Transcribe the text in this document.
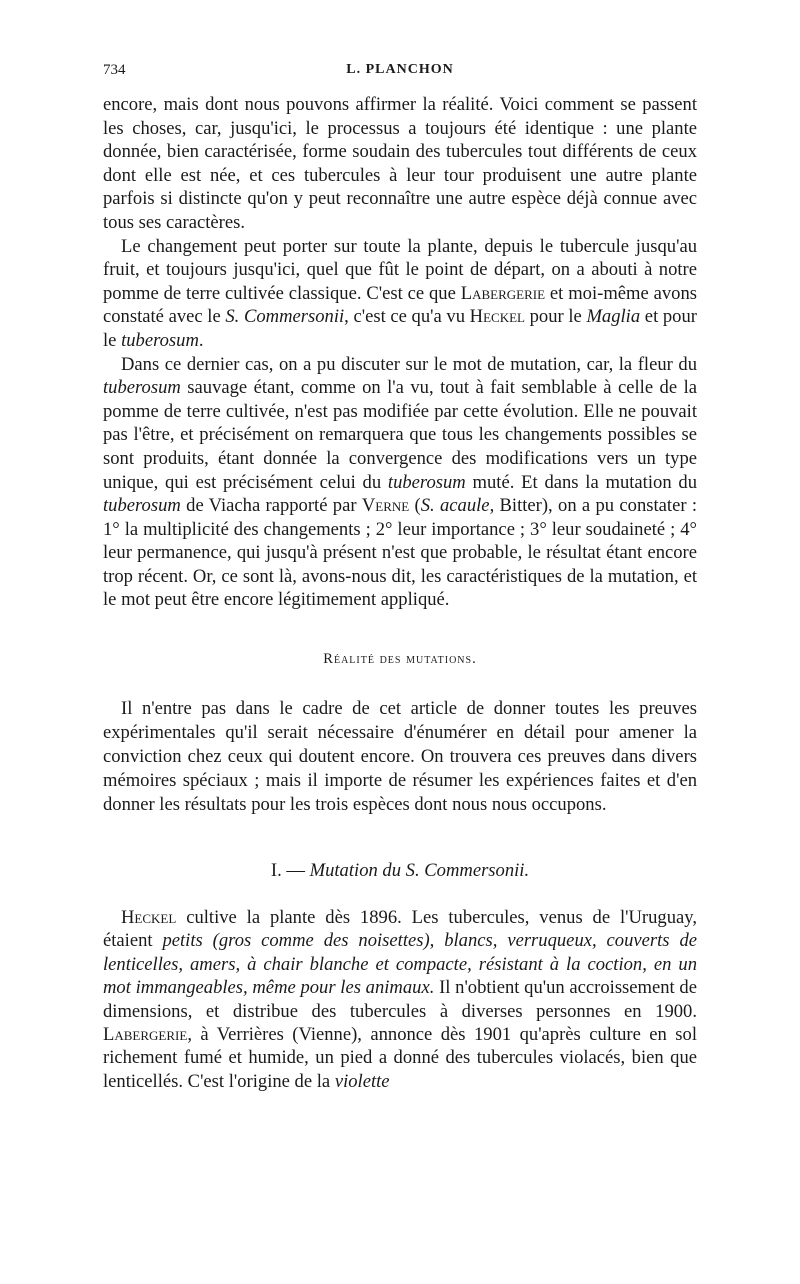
734	L. PLANCHON

encore, mais dont nous pouvons affirmer la réalité. Voici comment se passent les choses, car, jusqu'ici, le processus a toujours été identique : une plante donnée, bien caractérisée, forme soudain des tubercules tout différents de ceux dont elle est née, et ces tubercules à leur tour produisent une autre plante parfois si distincte qu'on y peut reconnaître une autre espèce déjà connue avec tous ses caractères.

Le changement peut porter sur toute la plante, depuis le tubercule jusqu'au fruit, et toujours jusqu'ici, quel que fût le point de départ, on a abouti à notre pomme de terre cultivée classique. C'est ce que Labergerie et moi-même avons constaté avec le S. Commersonii, c'est ce qu'a vu Heckel pour le Maglia et pour le tuberosum.

Dans ce dernier cas, on a pu discuter sur le mot de mutation, car, la fleur du tuberosum sauvage étant, comme on l'a vu, tout à fait semblable à celle de la pomme de terre cultivée, n'est pas modifiée par cette évolution. Elle ne pouvait pas l'être, et précisément on remarquera que tous les changements possibles se sont produits, étant donnée la convergence des modifications vers un type unique, qui est précisément celui du tuberosum muté. Et dans la mutation du tuberosum de Viacha rapporté par Verne (S. acaule, Bitter), on a pu constater : 1° la multiplicité des changements ; 2° leur importance ; 3° leur soudaineté ; 4° leur permanence, qui jusqu'à présent n'est que probable, le résultat étant encore trop récent. Or, ce sont là, avons-nous dit, les caractéristiques de la mutation, et le mot peut être encore légitimement appliqué.

Réalité des mutations.

Il n'entre pas dans le cadre de cet article de donner toutes les preuves expérimentales qu'il serait nécessaire d'énumérer en détail pour amener la conviction chez ceux qui doutent encore. On trouvera ces preuves dans divers mémoires spéciaux ; mais il importe de résumer les expériences faites et d'en donner les résultats pour les trois espèces dont nous nous occupons.

I. — Mutation du S. Commersonii.

Heckel cultive la plante dès 1896. Les tubercules, venus de l'Uruguay, étaient petits (gros comme des noisettes), blancs, verruqueux, couverts de lenticelles, amers, à chair blanche et compacte, résistant à la coction, en un mot immangeables, même pour les animaux. Il n'obtient qu'un accroissement de dimensions, et distribue des tubercules à diverses personnes en 1900. Labergerie, à Verrières (Vienne), annonce dès 1901 qu'après culture en sol richement fumé et humide, un pied a donné des tubercules violacés, bien que lenticellés. C'est l'origine de la violette
